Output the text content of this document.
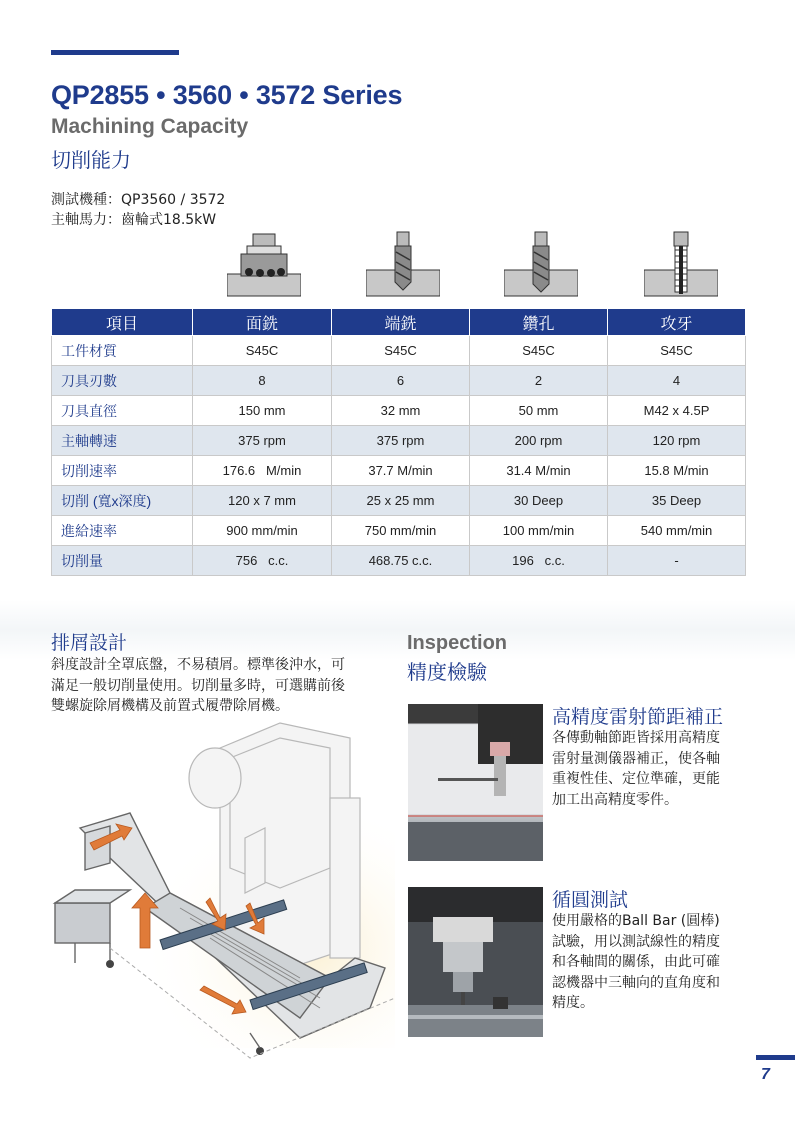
QP2855 • 3560 • 3572 Series
Machining Capacity
切削能力
測試機種：QP3560 / 3572
主軸馬力：齒輪式18.5kW
項目	面銑	端銑	鑽孔	攻牙
工件材質	S45C	S45C	S45C	S45C
刀具刃數	8	6	2	4
刀具直徑	150 mm	32 mm	50 mm	M42 x 4.5P
主軸轉速	375 rpm	375 rpm	200 rpm	120 rpm
切削速率	176.6   M/min	37.7 M/min	31.4 M/min	15.8 M/min
切削 (寬x深度)	120 x 7 mm	25 x 25 mm	30 Deep	35 Deep
進給速率	900 mm/min	750 mm/min	100 mm/min	540 mm/min
切削量	756   c.c.	468.75 c.c.	196   c.c.	-
排屑設計
斜度設計全罩底盤，不易積屑。標準後沖水，可
滿足一般切削量使用。切削量多時，可選購前後
雙螺旋除屑機構及前置式履帶除屑機。
Inspection
精度檢驗
高精度雷射節距補正
各傳動軸節距皆採用高精度
雷射量測儀器補正，使各軸
重複性佳、定位準確，更能
加工出高精度零件。
循圓測試
使用嚴格的Ball Bar (圓棒)
試驗，用以測試線性的精度
和各軸間的關係，由此可確
認機器中三軸向的直角度和
精度。
7
